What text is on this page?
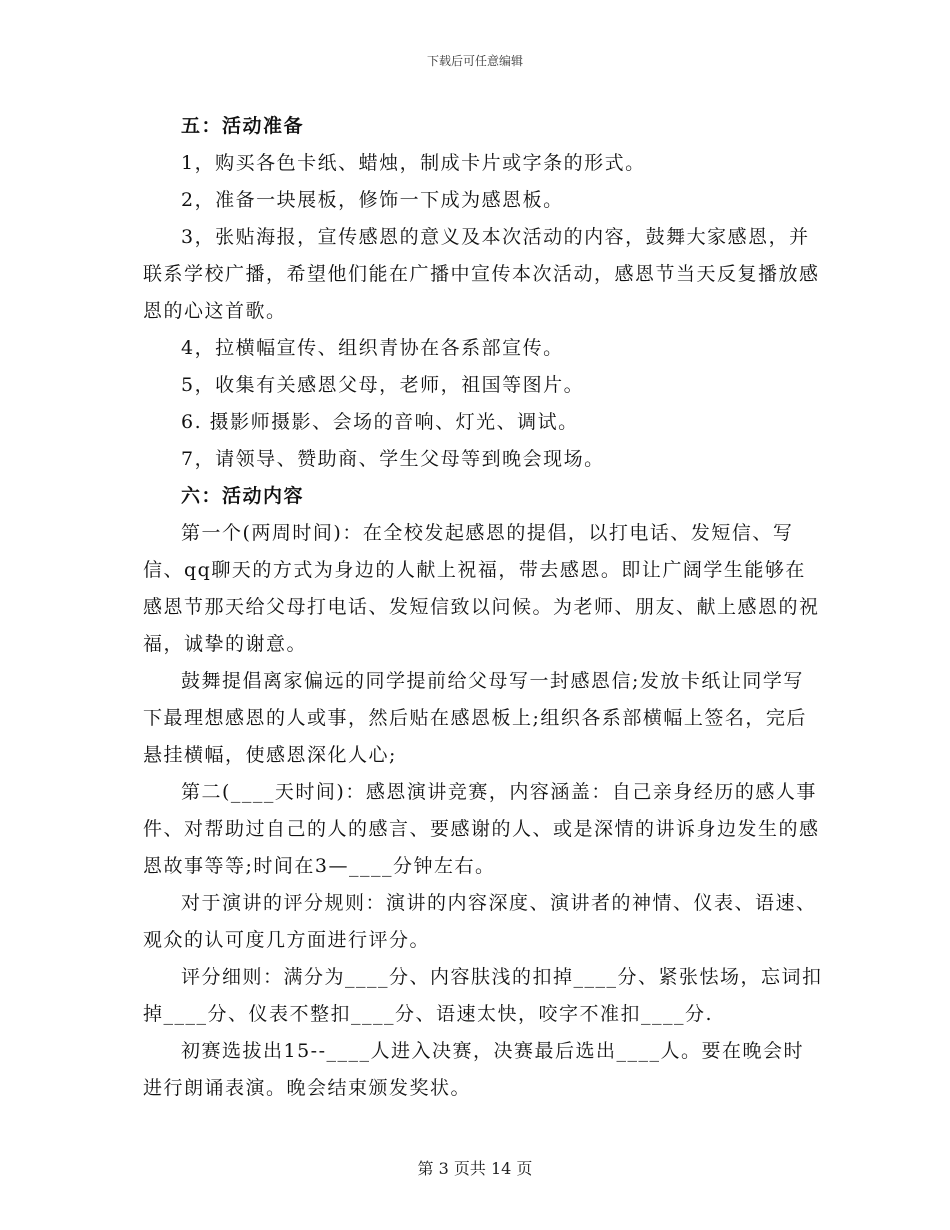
下载后可任意编辑

五：活动准备

1，购买各色卡纸、蜡烛，制成卡片或字条的形式。

2，准备一块展板，修饰一下成为感恩板。

3，张贴海报，宣传感恩的意义及本次活动的内容，鼓舞大家感恩，并联系学校广播，希望他们能在广播中宣传本次活动，感恩节当天反复播放感恩的心这首歌。

4，拉横幅宣传、组织青协在各系部宣传。

5，收集有关感恩父母，老师，祖国等图片。

6. 摄影师摄影、会场的音响、灯光、调试。

7，请领导、赞助商、学生父母等到晚会现场。

六：活动内容

第一个(两周时间)：在全校发起感恩的提倡，以打电话、发短信、写信、qq聊天的方式为身边的人献上祝福，带去感恩。即让广阔学生能够在感恩节那天给父母打电话、发短信致以问候。为老师、朋友、献上感恩的祝福，诚挚的谢意。

鼓舞提倡离家偏远的同学提前给父母写一封感恩信;发放卡纸让同学写下最理想感恩的人或事，然后贴在感恩板上;组织各系部横幅上签名，完后悬挂横幅，使感恩深化人心;

第二(____天时间)：感恩演讲竞赛，内容涵盖：自己亲身经历的感人事件、对帮助过自己的人的感言、要感谢的人、或是深情的讲诉身边发生的感恩故事等等;时间在3—____分钟左右。

对于演讲的评分规则：演讲的内容深度、演讲者的神情、仪表、语速、观众的认可度几方面进行评分。

评分细则：满分为____分、内容肤浅的扣掉____分、紧张怯场，忘词扣掉____分、仪表不整扣____分、语速太快，咬字不准扣____分.

初赛选拔出15--____人进入决赛，决赛最后选出____人。要在晚会时进行朗诵表演。晚会结束颁发奖状。

第 3 页共 14 页
